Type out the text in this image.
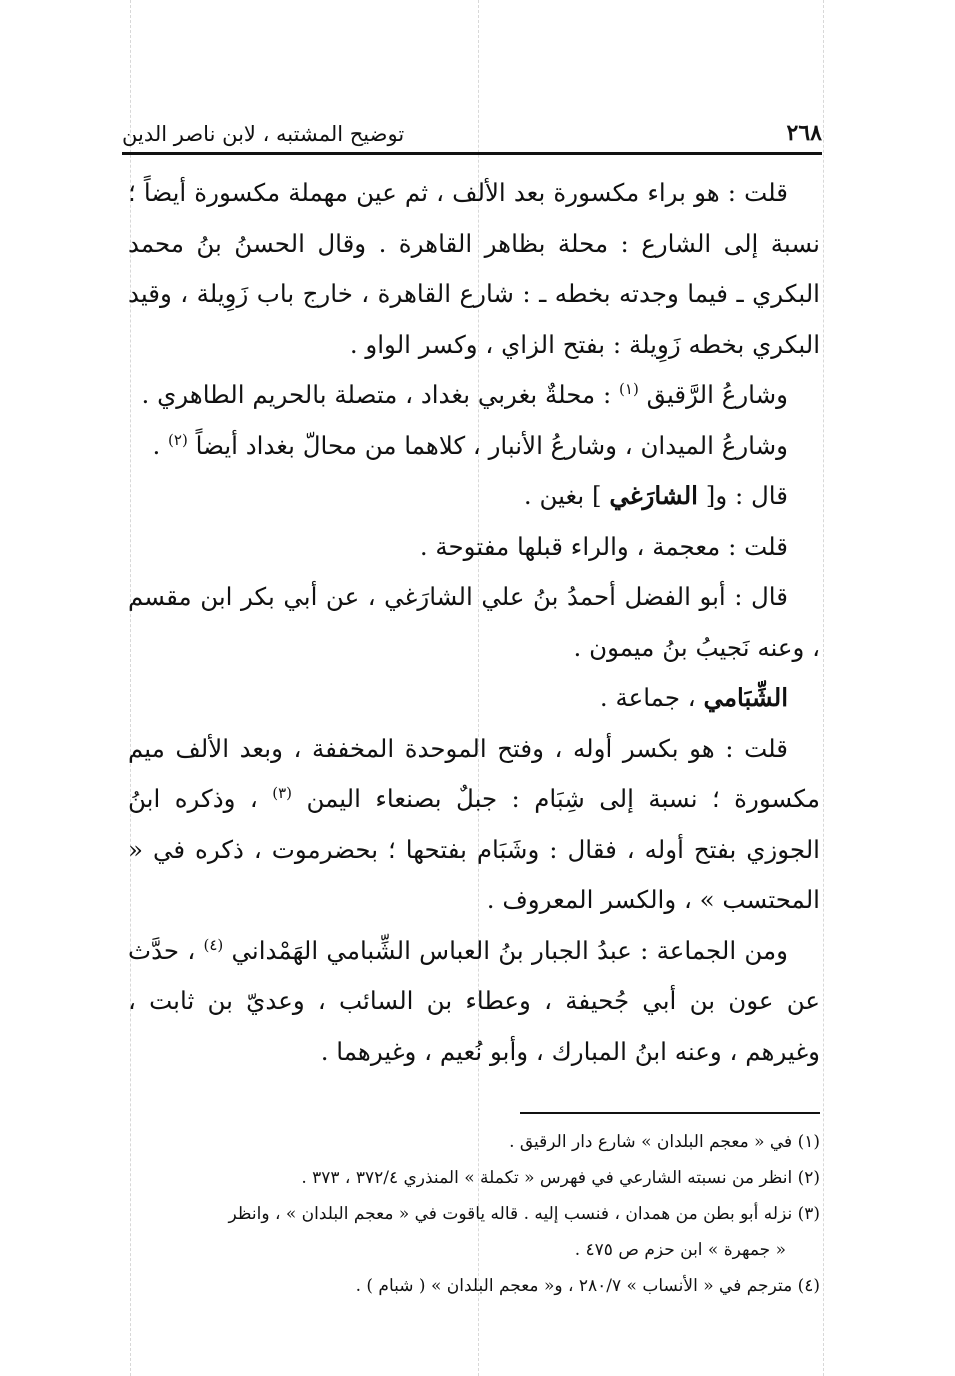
٢٦٨
توضيح المشتبه ، لابن ناصر الدين

قلت : هو براء مكسورة بعد الألف ، ثم عين مهملة مكسورة أيضاً ؛ نسبة إلى الشارع : محلة بظاهر القاهرة . وقال الحسنُ بنُ محمد البكري ـ فيما وجدته بخطه ـ : شارع القاهرة ، خارج باب زَوِيلة ، وقيد البكري بخطه زَوِيلة : بفتح الزاي ، وكسر الواو .

وشارعُ الرَّقيق $^{(١)}$ : محلةٌ بغربي بغداد ، متصلة بالحريم الطاهري .

وشارعُ الميدان ، وشارعُ الأنبار ، كلاهما من محالّ بغداد أيضاً $^{(٢)}$ .

قال : و[ الشارَغي ] بغين .

قلت : معجمة ، والراء قبلها مفتوحة .

قال : أبو الفضل أحمدُ بنُ علي الشارَغي ، عن أبي بكر ابن مقسم ، وعنه نَجيبُ بنُ ميمون .

الشِّبَامي ، جماعة .

قلت : هو بكسر أوله ، وفتح الموحدة المخففة ، وبعد الألف ميم مكسورة ؛ نسبة إلى شِبَام : جبلٌ بصنعاء اليمن $^{(٣)}$ ، وذكره ابنُ الجوزي بفتح أوله ، فقال : وشَبَام بفتحها ؛ بحضرموت ، ذكره في « المحتسب » ، والكسر المعروف .

ومن الجماعة : عبدُ الجبار بنُ العباس الشِّبامي الهَمْداني $^{(٤)}$ ، حدَّث عن عون بن أبي جُحيفة ، وعطاء بن السائب ، وعديّ بن ثابت ، وغيرهم ، وعنه ابنُ المبارك ، وأبو نُعيم ، وغيرهما .

(١) في « معجم البلدان » شارع دار الرقيق .

(٢) انظر من نسبته الشارعي في فهرس « تكملة » المنذري ٣٧٢/٤ ، ٣٧٣ .

(٣) نزله أبو بطن من همدان ، فنسب إليه . قاله ياقوت في « معجم البلدان » ، وانظر

« جمهرة » ابن حزم ص ٤٧٥ .

(٤) مترجم في « الأنساب » ٢٨٠/٧ ، و« معجم البلدان » ( شبام ) .
